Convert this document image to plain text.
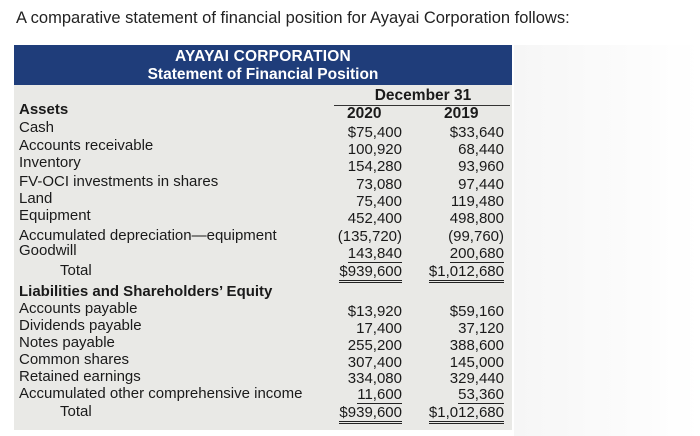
A comparative statement of financial position for Ayayai Corporation follows:
AYAYAI CORPORATION
Statement of Financial Position
December 31
2020	2019
Assets
Cash	$75,400	$33,640
Accounts receivable	100,920	68,440
Inventory	154,280	93,960
FV-OCI investments in shares	73,080	97,440
Land	75,400	119,480
Equipment	452,400	498,800
Accumulated depreciation—equipment	(135,720)	(99,760)
Goodwill	143,840	200,680
Total	$939,600 $1,012,680
Liabilities and Shareholders’ Equity
Accounts payable	$13,920	$59,160
Dividends payable	17,400	37,120
Notes payable	255,200	388,600
Common shares	307,400	145,000
Retained earnings	334,080	329,440
Accumulated other comprehensive income	11,600	53,360
Total	$939,600 $1,012,680
